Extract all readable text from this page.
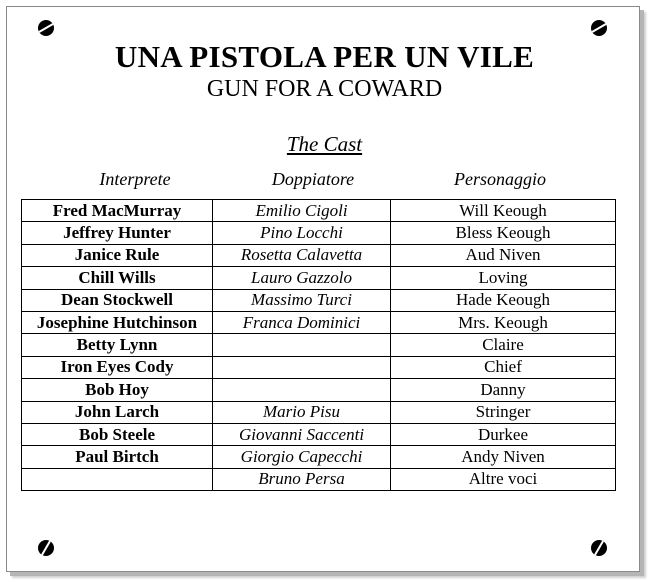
UNA PISTOLA PER UN VILE
GUN FOR A COWARD
The Cast
Interprete	Doppiatore	Personaggio
Fred MacMurray	Emilio Cigoli	Will Keough
Jeffrey Hunter	Pino Locchi	Bless Keough
Janice Rule	Rosetta Calavetta	Aud Niven
Chill Wills	Lauro Gazzolo	Loving
Dean Stockwell	Massimo Turci	Hade Keough
Josephine Hutchinson	Franca Dominici	Mrs. Keough
Betty Lynn		Claire
Iron Eyes Cody		Chief
Bob Hoy		Danny
John Larch	Mario Pisu	Stringer
Bob Steele	Giovanni Saccenti	Durkee
Paul Birtch	Giorgio Capecchi	Andy Niven
	Bruno Persa	Altre voci
